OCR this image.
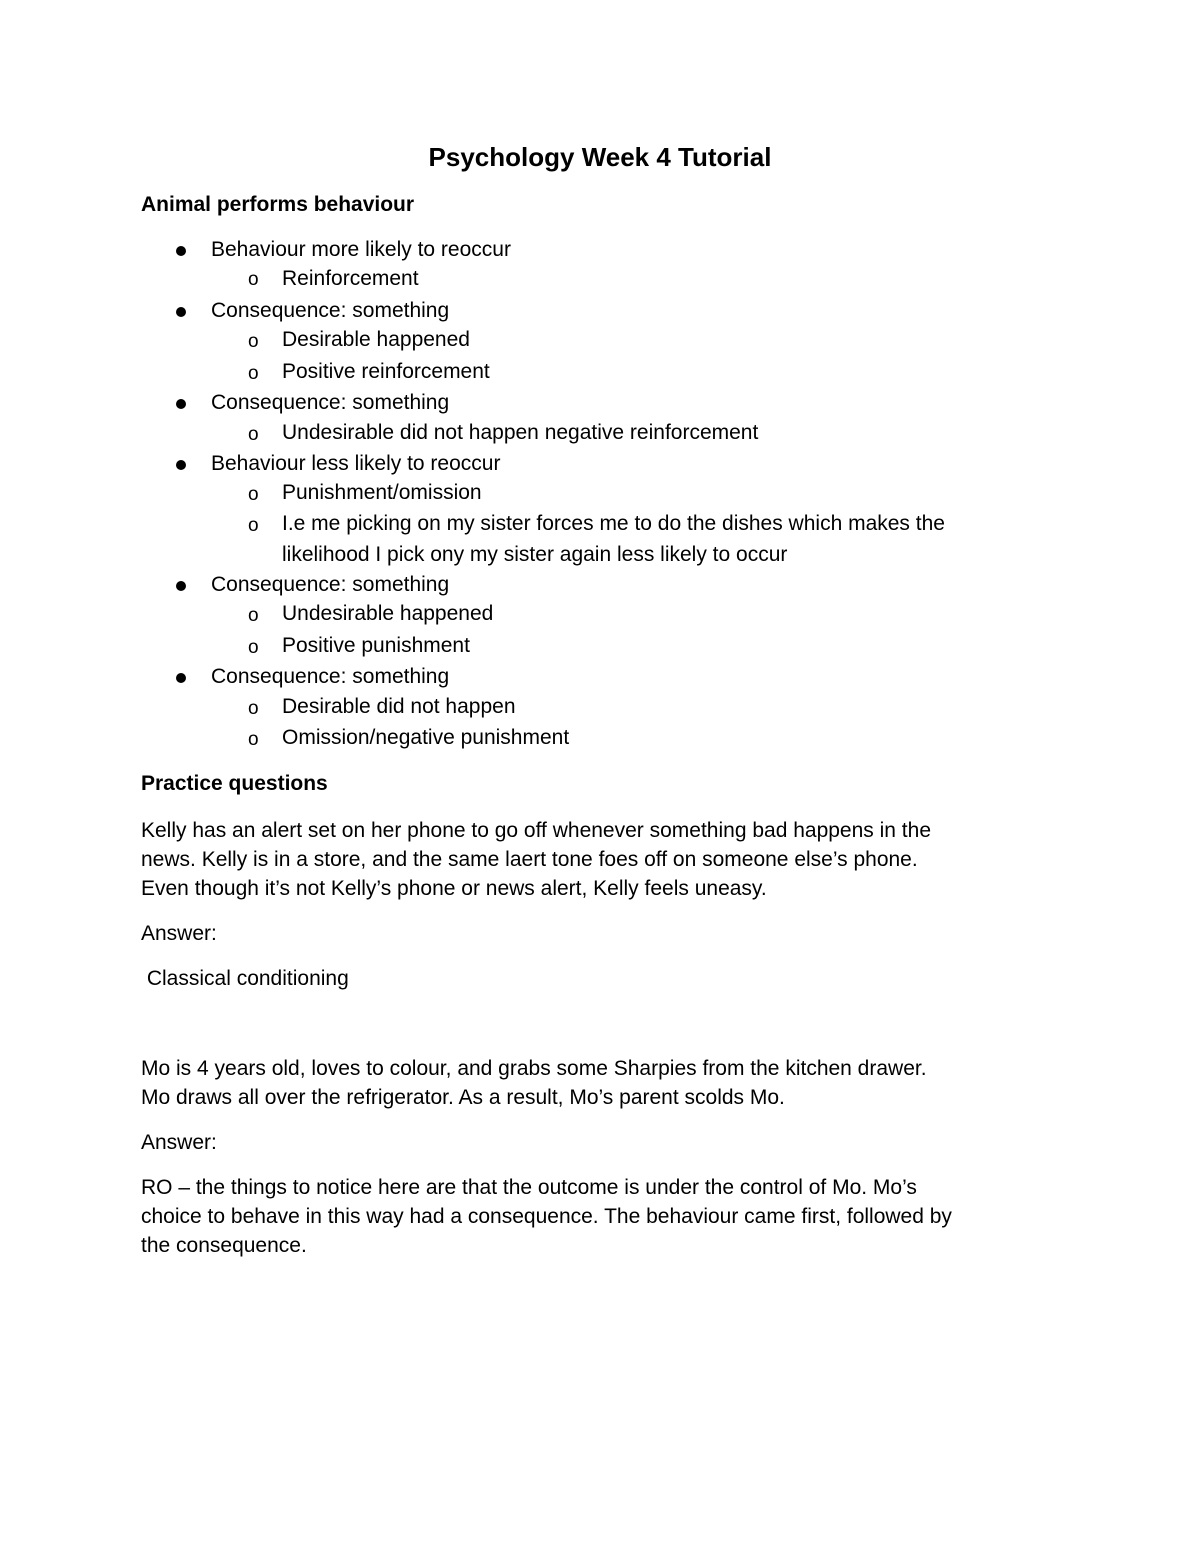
Psychology Week 4 Tutorial
Animal performs behaviour
Behaviour more likely to reoccur
o Reinforcement
Consequence: something
o Desirable happened
o Positive reinforcement
Consequence: something
o Undesirable did not happen negative reinforcement
Behaviour less likely to reoccur
o Punishment/omission
o I.e me picking on my sister forces me to do the dishes which makes the
likelihood I pick ony my sister again less likely to occur
Consequence: something
o Undesirable happened
o Positive punishment
Consequence: something
o Desirable did not happen
o Omission/negative punishment
Practice questions

Kelly has an alert set on her phone to go off whenever something bad happens in the

news. Kelly is in a store, and the same laert tone foes off on someone else’s phone.

Even though it’s not Kelly’s phone or news alert, Kelly feels uneasy.

Answer:

Classical conditioning

Mo is 4 years old, loves to colour, and grabs some Sharpies from the kitchen drawer.

Mo draws all over the refrigerator. As a result, Mo’s parent scolds Mo.

Answer:

RO – the things to notice here are that the outcome is under the control of Mo. Mo’s

choice to behave in this way had a consequence. The behaviour came first, followed by

the consequence.
